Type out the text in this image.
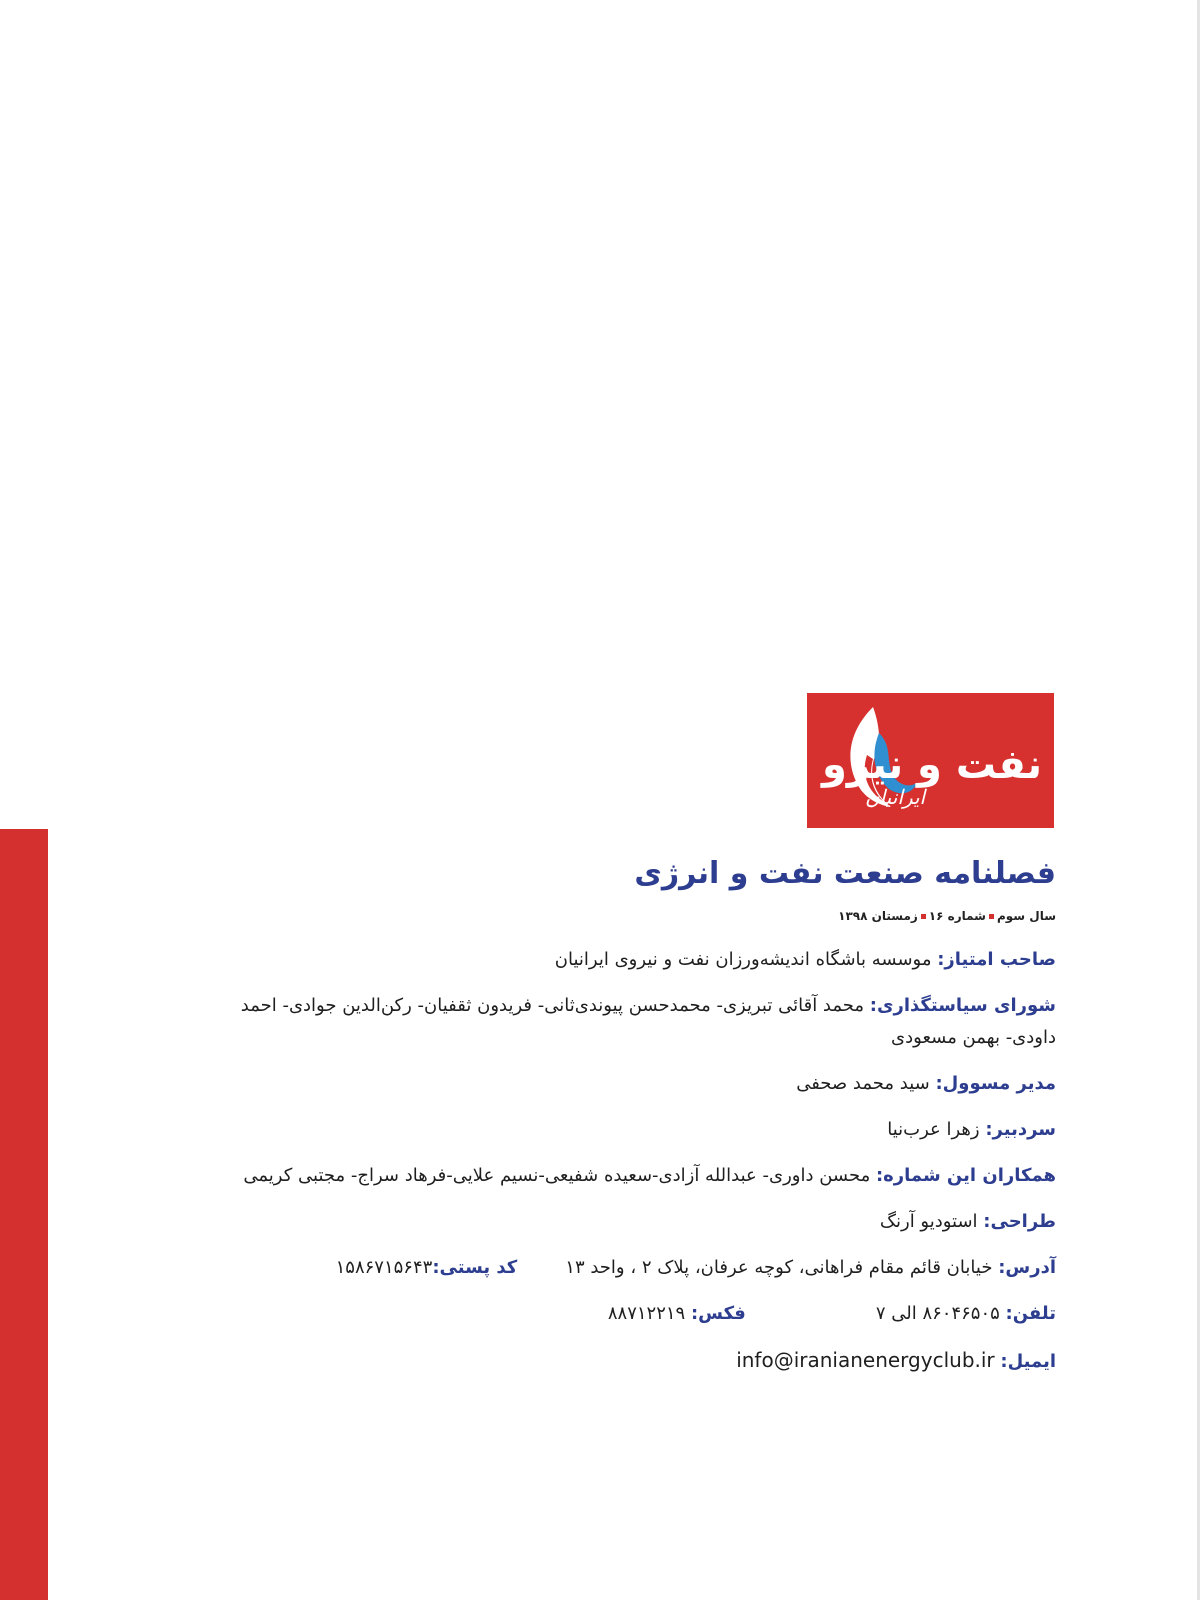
نفت و نیرو
ایرانیان
فصلنامه صنعت نفت و انرژی
سال سومشماره ۱۶زمستان ۱۳۹۸
صاحب امتیاز: موسسه باشگاه اندیشه‌ورزان نفت و نیروی ایرانیان
شورای سیاستگذاری: محمد آقائی تبریزی- محمدحسن پیوندی‌ثانی- فریدون ثقفیان- رکن‌الدین جوادی- احمد داودی- بهمن مسعودی
مدیر مسوول: سید محمد صحفی
سردبیر: زهرا عرب‌نیا
همکاران این شماره: محسن داوری- عبدالله آزادی-سعیده شفیعی-نسیم علایی-فرهاد سراج- مجتبی کریمی
طراحی: استودیو آرنگ
آدرس: خیابان قائم مقام فراهانی، کوچه عرفان، پلاک ۲ ، واحد ۱۳کد پستی:۱۵۸۶۷۱۵۶۴۳
تلفن: ۸۶۰۴۶۵۰۵ الی ۷فکس: ۸۸۷۱۲۲۱۹
ایمیل: info@iranianenergyclub.ir
